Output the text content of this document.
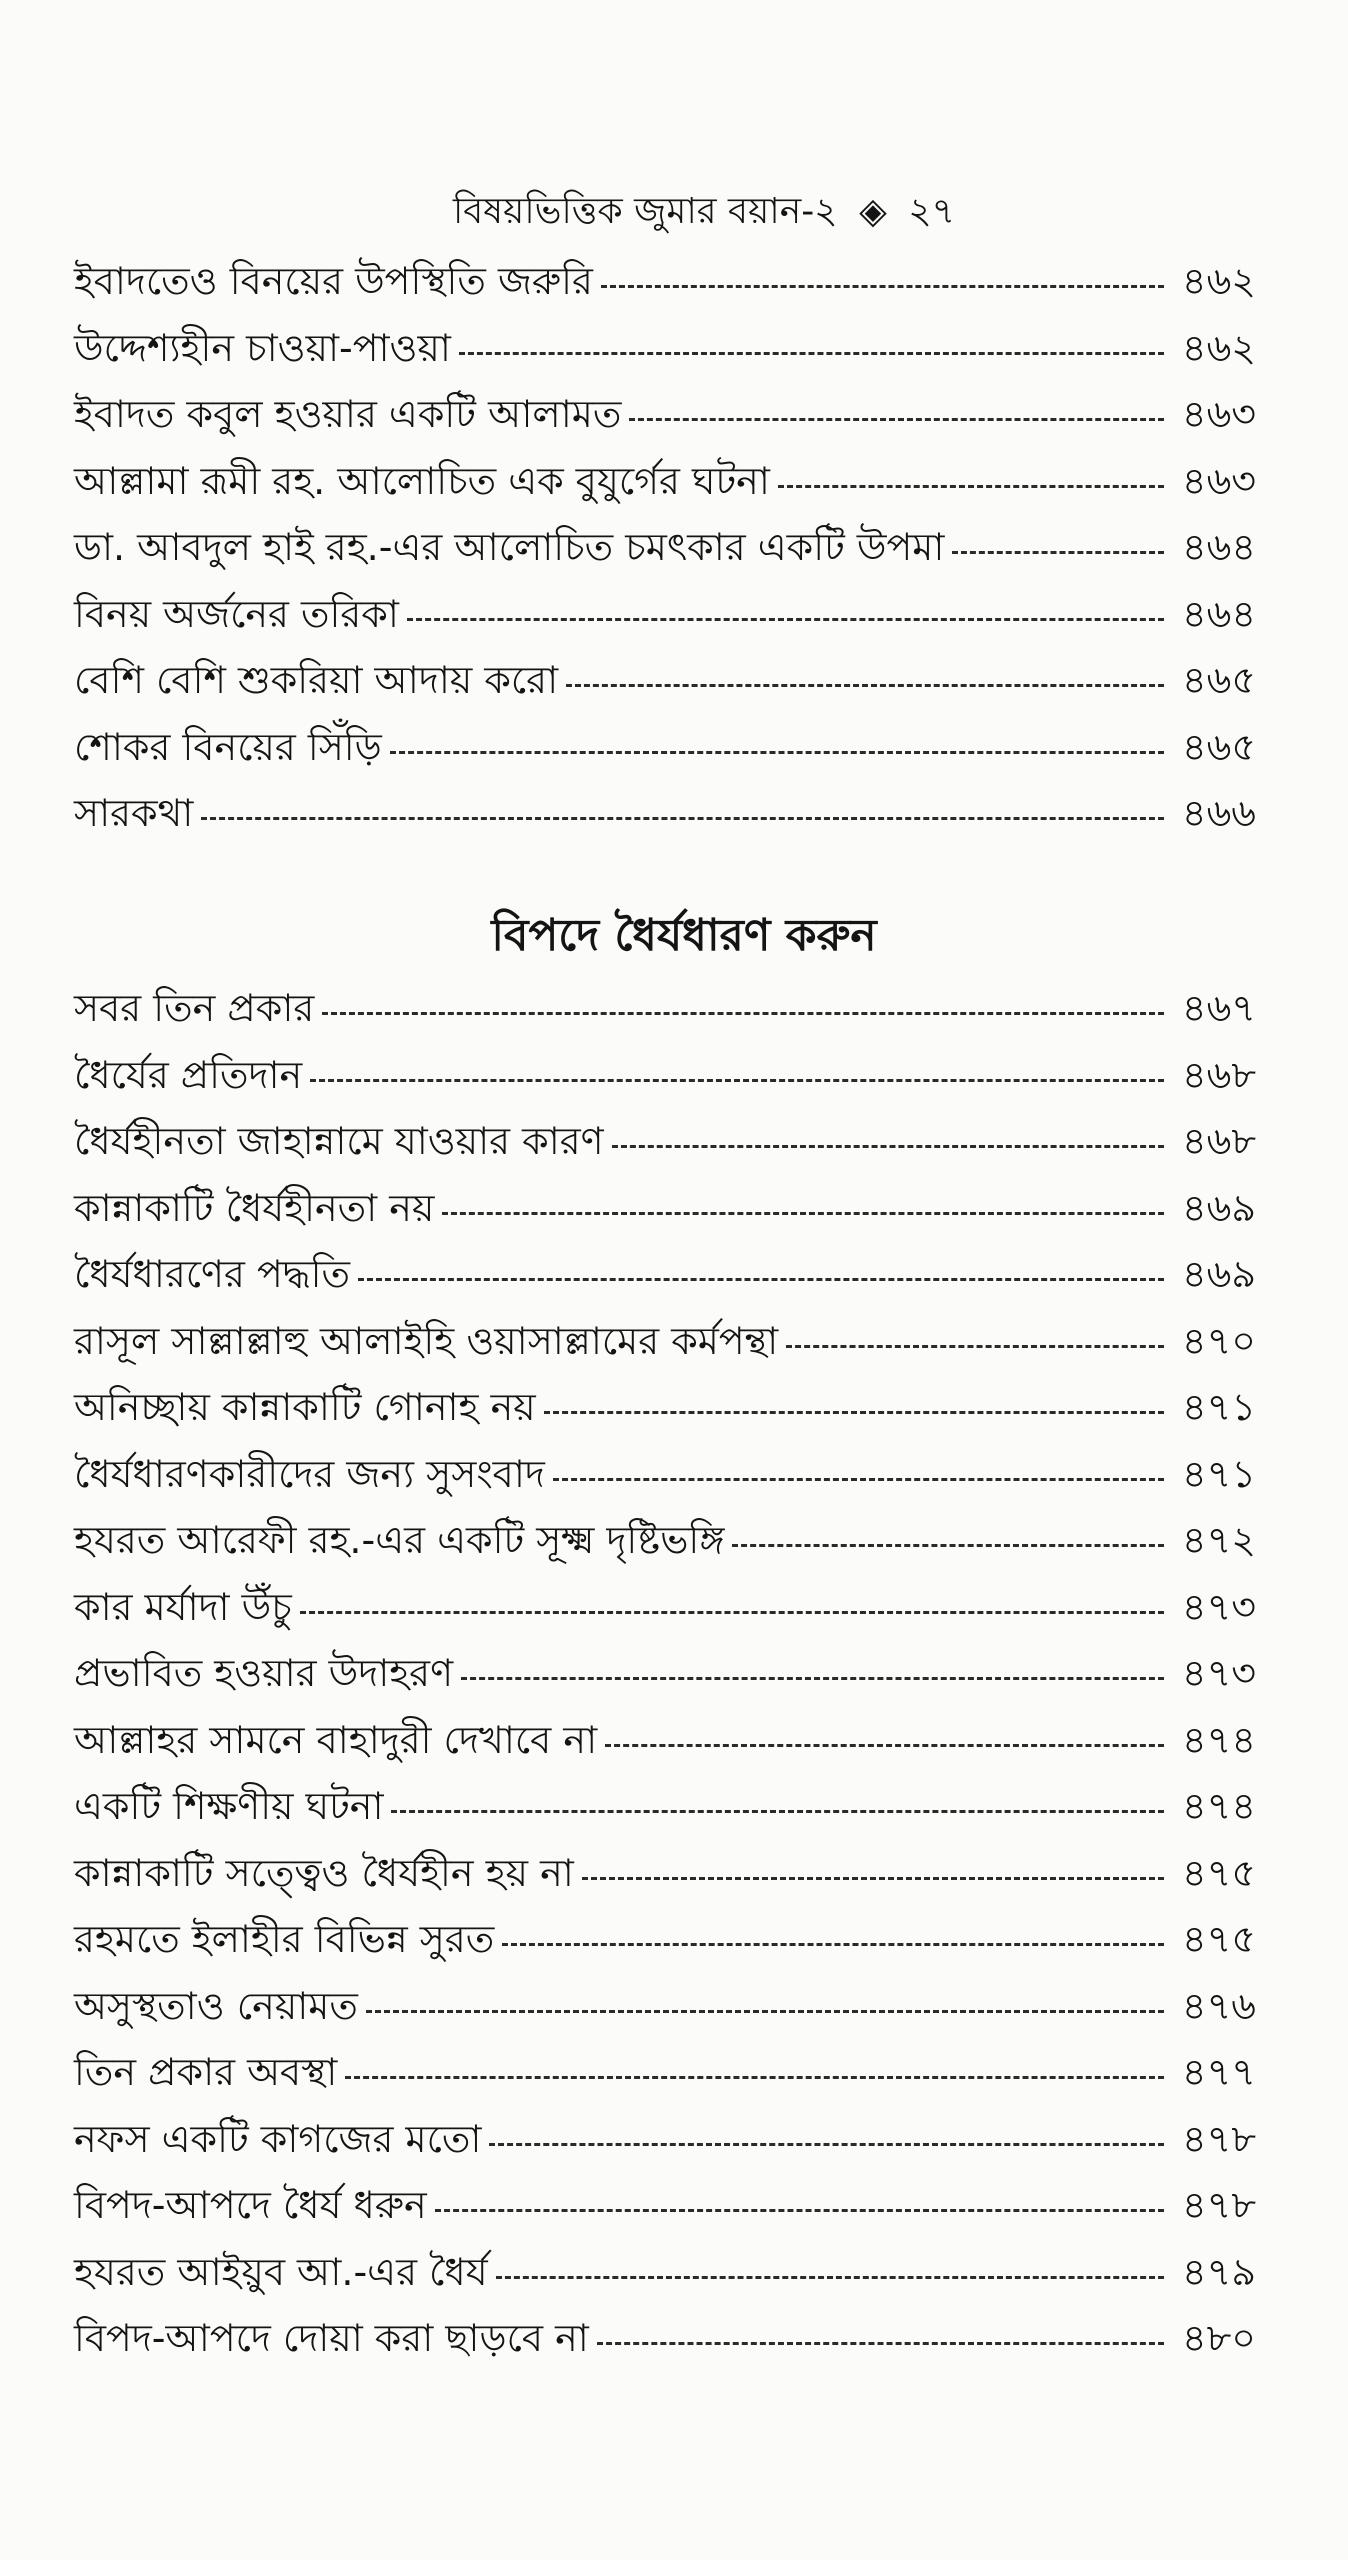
বিষয়ভিত্তিক জুমার বয়ান-২ ◈ ২৭
ইবাদতেও বিনয়ের উপস্থিতি জরুরি	৪৬২
উদ্দেশ্যহীন চাওয়া-পাওয়া	৪৬২
ইবাদত কবুল হওয়ার একটি আলামত	৪৬৩
আল্লামা রূমী রহ. আলোচিত এক বুযুর্গের ঘটনা	৪৬৩
ডা. আবদুল হাই রহ.-এর আলোচিত চমৎকার একটি উপমা	৪৬৪
বিনয় অর্জনের তরিকা	৪৬৪
বেশি বেশি শুকরিয়া আদায় করো	৪৬৫
শোকর বিনয়ের সিঁড়ি	৪৬৫
সারকথা	৪৬৬
বিপদে ধৈর্যধারণ করুন
সবর তিন প্রকার	৪৬৭
ধৈর্যের প্রতিদান	৪৬৮
ধৈর্যহীনতা জাহান্নামে যাওয়ার কারণ	৪৬৮
কান্নাকাটি ধৈর্যহীনতা নয়	৪৬৯
ধৈর্যধারণের পদ্ধতি	৪৬৯
রাসূল সাল্লাল্লাহু আলাইহি ওয়াসাল্লামের কর্মপন্থা	৪৭০
অনিচ্ছায় কান্নাকাটি গোনাহ নয়	৪৭১
ধৈর্যধারণকারীদের জন্য সুসংবাদ	৪৭১
হযরত আরেফী রহ.-এর একটি সূক্ষ্ম দৃষ্টিভঙ্গি	৪৭২
কার মর্যাদা উঁচু	৪৭৩
প্রভাবিত হওয়ার উদাহরণ	৪৭৩
আল্লাহর সামনে বাহাদুরী দেখাবে না	৪৭৪
একটি শিক্ষণীয় ঘটনা	৪৭৪
কান্নাকাটি সত্ত্বেও ধৈর্যহীন হয় না	৪৭৫
রহমতে ইলাহীর বিভিন্ন সুরত	৪৭৫
অসুস্থতাও নেয়ামত	৪৭৬
তিন প্রকার অবস্থা	৪৭৭
নফস একটি কাগজের মতো	৪৭৮
বিপদ-আপদে ধৈর্য ধরুন	৪৭৮
হযরত আইয়ুব আ.-এর ধৈর্য	৪৭৯
বিপদ-আপদে দোয়া করা ছাড়বে না	৪৮০
